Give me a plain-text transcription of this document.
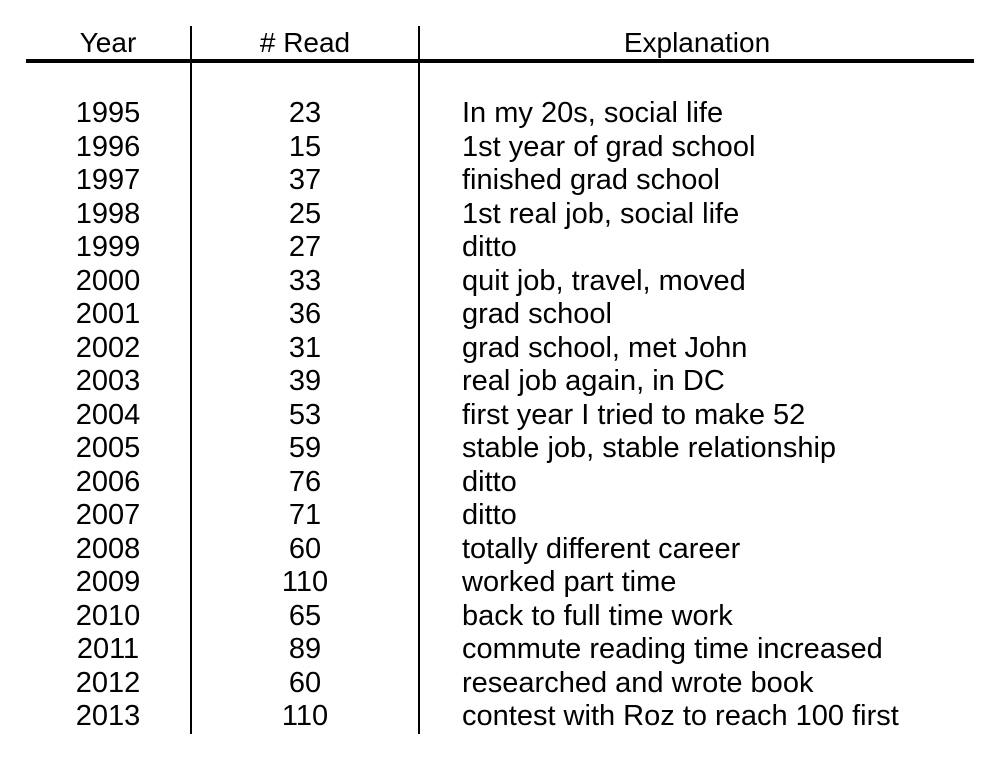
Year	# Read	Explanation
1995	23	In my 20s, social life
1996	15	1st year of grad school
1997	37	finished grad school
1998	25	1st real job, social life
1999	27	ditto
2000	33	quit job, travel, moved
2001	36	grad school
2002	31	grad school, met John
2003	39	real job again, in DC
2004	53	first year I tried to make 52
2005	59	stable job, stable relationship
2006	76	ditto
2007	71	ditto
2008	60	totally different career
2009	110	worked part time
2010	65	back to full time work
2011	89	commute reading time increased
2012	60	researched and wrote book
2013	110	contest with Roz to reach 100 first
